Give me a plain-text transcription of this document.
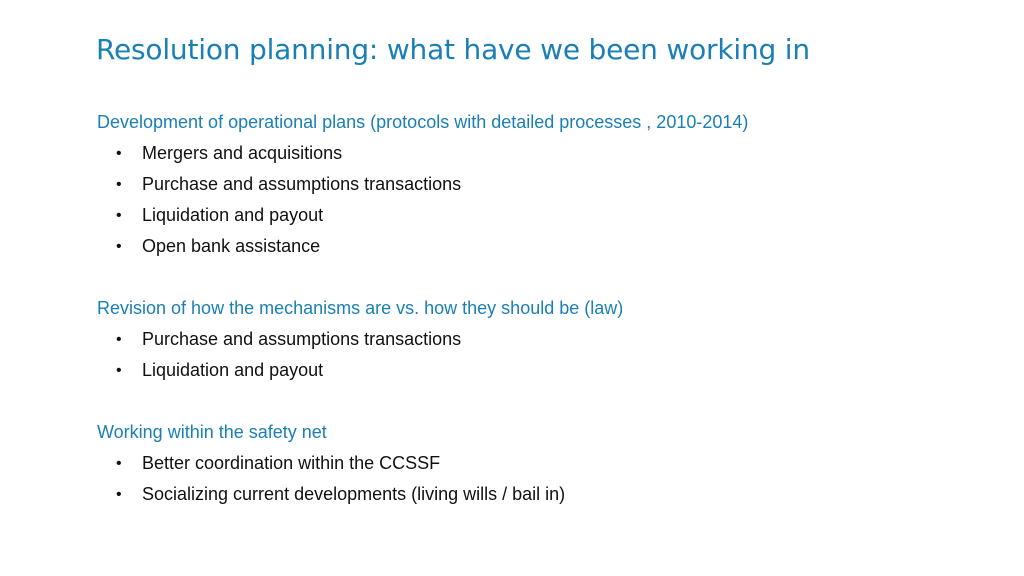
Resolution planning: what have we been working in
Development of operational plans (protocols with detailed processes , 2010-2014)
•	Mergers and acquisitions
•	Purchase and assumptions transactions
•	Liquidation and payout
•	Open bank assistance
Revision of how the mechanisms are vs. how they should be (law)
•	Purchase and assumptions transactions
•	Liquidation and payout
Working within the safety net
•	Better coordination within the CCSSF
•	Socializing current developments (living wills / bail in)
